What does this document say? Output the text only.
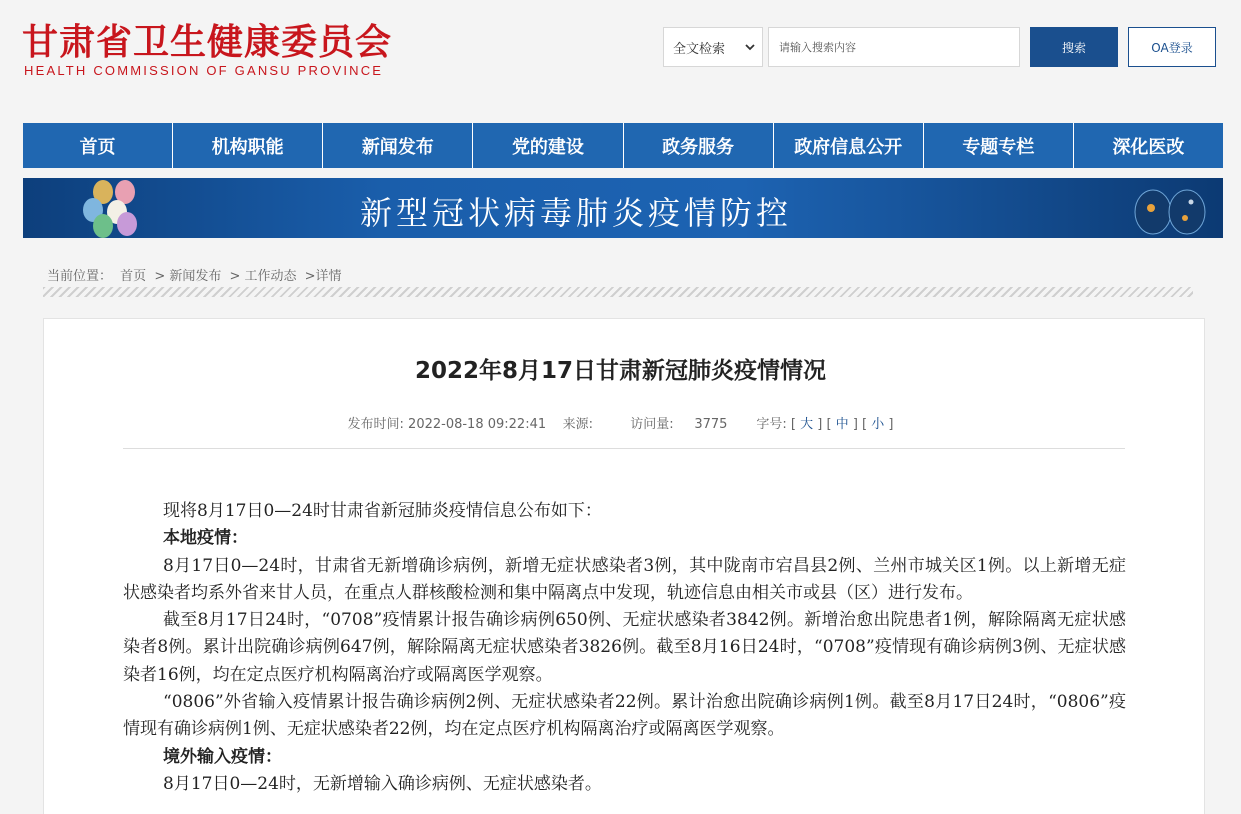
甘肃省卫生健康委员会
HEALTH COMMISSION OF GANSU PROVINCE
全文检索	请输入搜索内容	搜索	OA登录
首页	机构职能	新闻发布	党的建设	政务服务	政府信息公开	专题专栏	深化医改
新型冠状病毒肺炎疫情防控
当前位置： 首页 > 新闻发布 > 工作动态 >详情
2022年8月17日甘肃新冠肺炎疫情情况
发布时间: 2022-08-18 09:22:41 来源:	访问量: 3775 字号: [ 大 ] [ 中 ] [ 小 ]

现将8月17日0—24时甘肃省新冠肺炎疫情信息公布如下：

本地疫情：

8月17日0—24时，甘肃省无新增确诊病例，新增无症状感染者3例，其中陇南市宕昌县2例、兰州市城关区1例。以上新增无症状感染者均系外省来甘人员，在重点人群核酸检测和集中隔离点中发现，轨迹信息由相关市或县（区）进行发布。

截至8月17日24时，“0708”疫情累计报告确诊病例650例、无症状感染者3842例。新增治愈出院患者1例，解除隔离无症状感染者8例。累计出院确诊病例647例，解除隔离无症状感染者3826例。截至8月16日24时，“0708”疫情现有确诊病例3例、无症状感染者16例，均在定点医疗机构隔离治疗或隔离医学观察。

“0806”外省输入疫情累计报告确诊病例2例、无症状感染者22例。累计治愈出院确诊病例1例。截至8月17日24时，“0806”疫情现有确诊病例1例、无症状感染者22例，均在定点医疗机构隔离治疗或隔离医学观察。

境外输入疫情：

8月17日0—24时，无新增输入确诊病例、无症状感染者。
